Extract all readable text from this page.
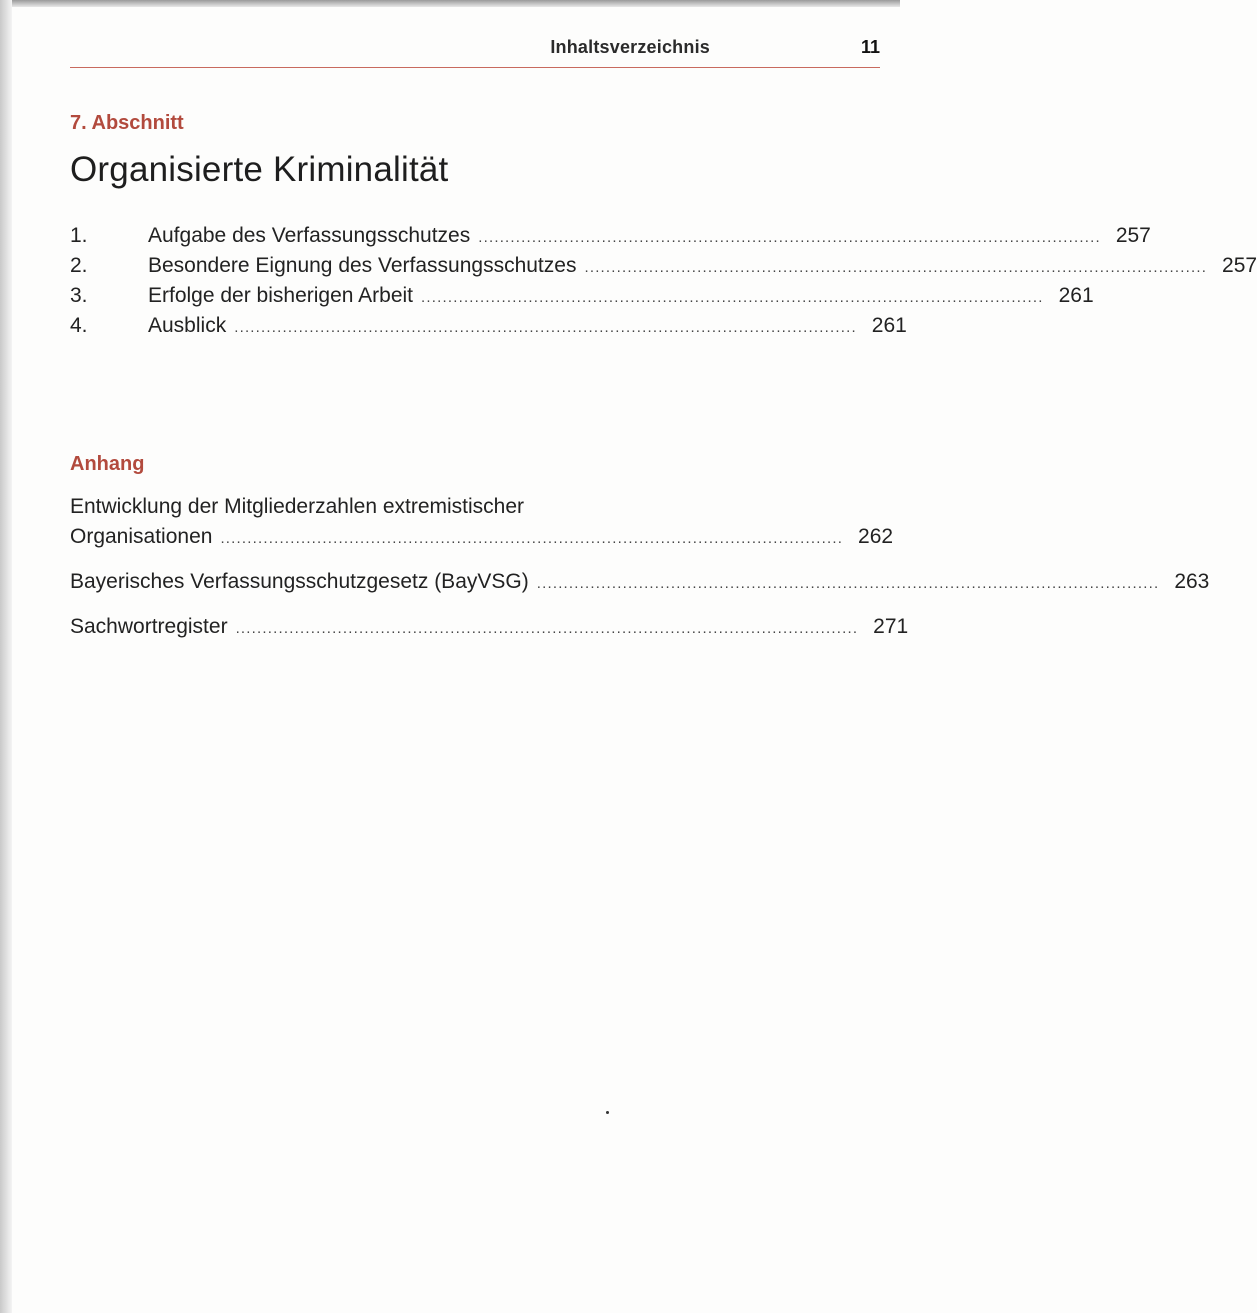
Inhaltsverzeichnis	11
7. Abschnitt
Organisierte Kriminalität
1.	Aufgabe des Verfassungsschutzes .................................................................................................................... 257
2.	Besondere Eignung des Verfassungsschutzes .................................................................................................................... 257
3.	Erfolge der bisherigen Arbeit .................................................................................................................... 261
4.	Ausblick .................................................................................................................... 261
Anhang
Entwicklung der Mitgliederzahlen extremistischer
Organisationen .................................................................................................................... 262
Bayerisches Verfassungsschutzgesetz (BayVSG) .................................................................................................................... 263
Sachwortregister .................................................................................................................... 271
